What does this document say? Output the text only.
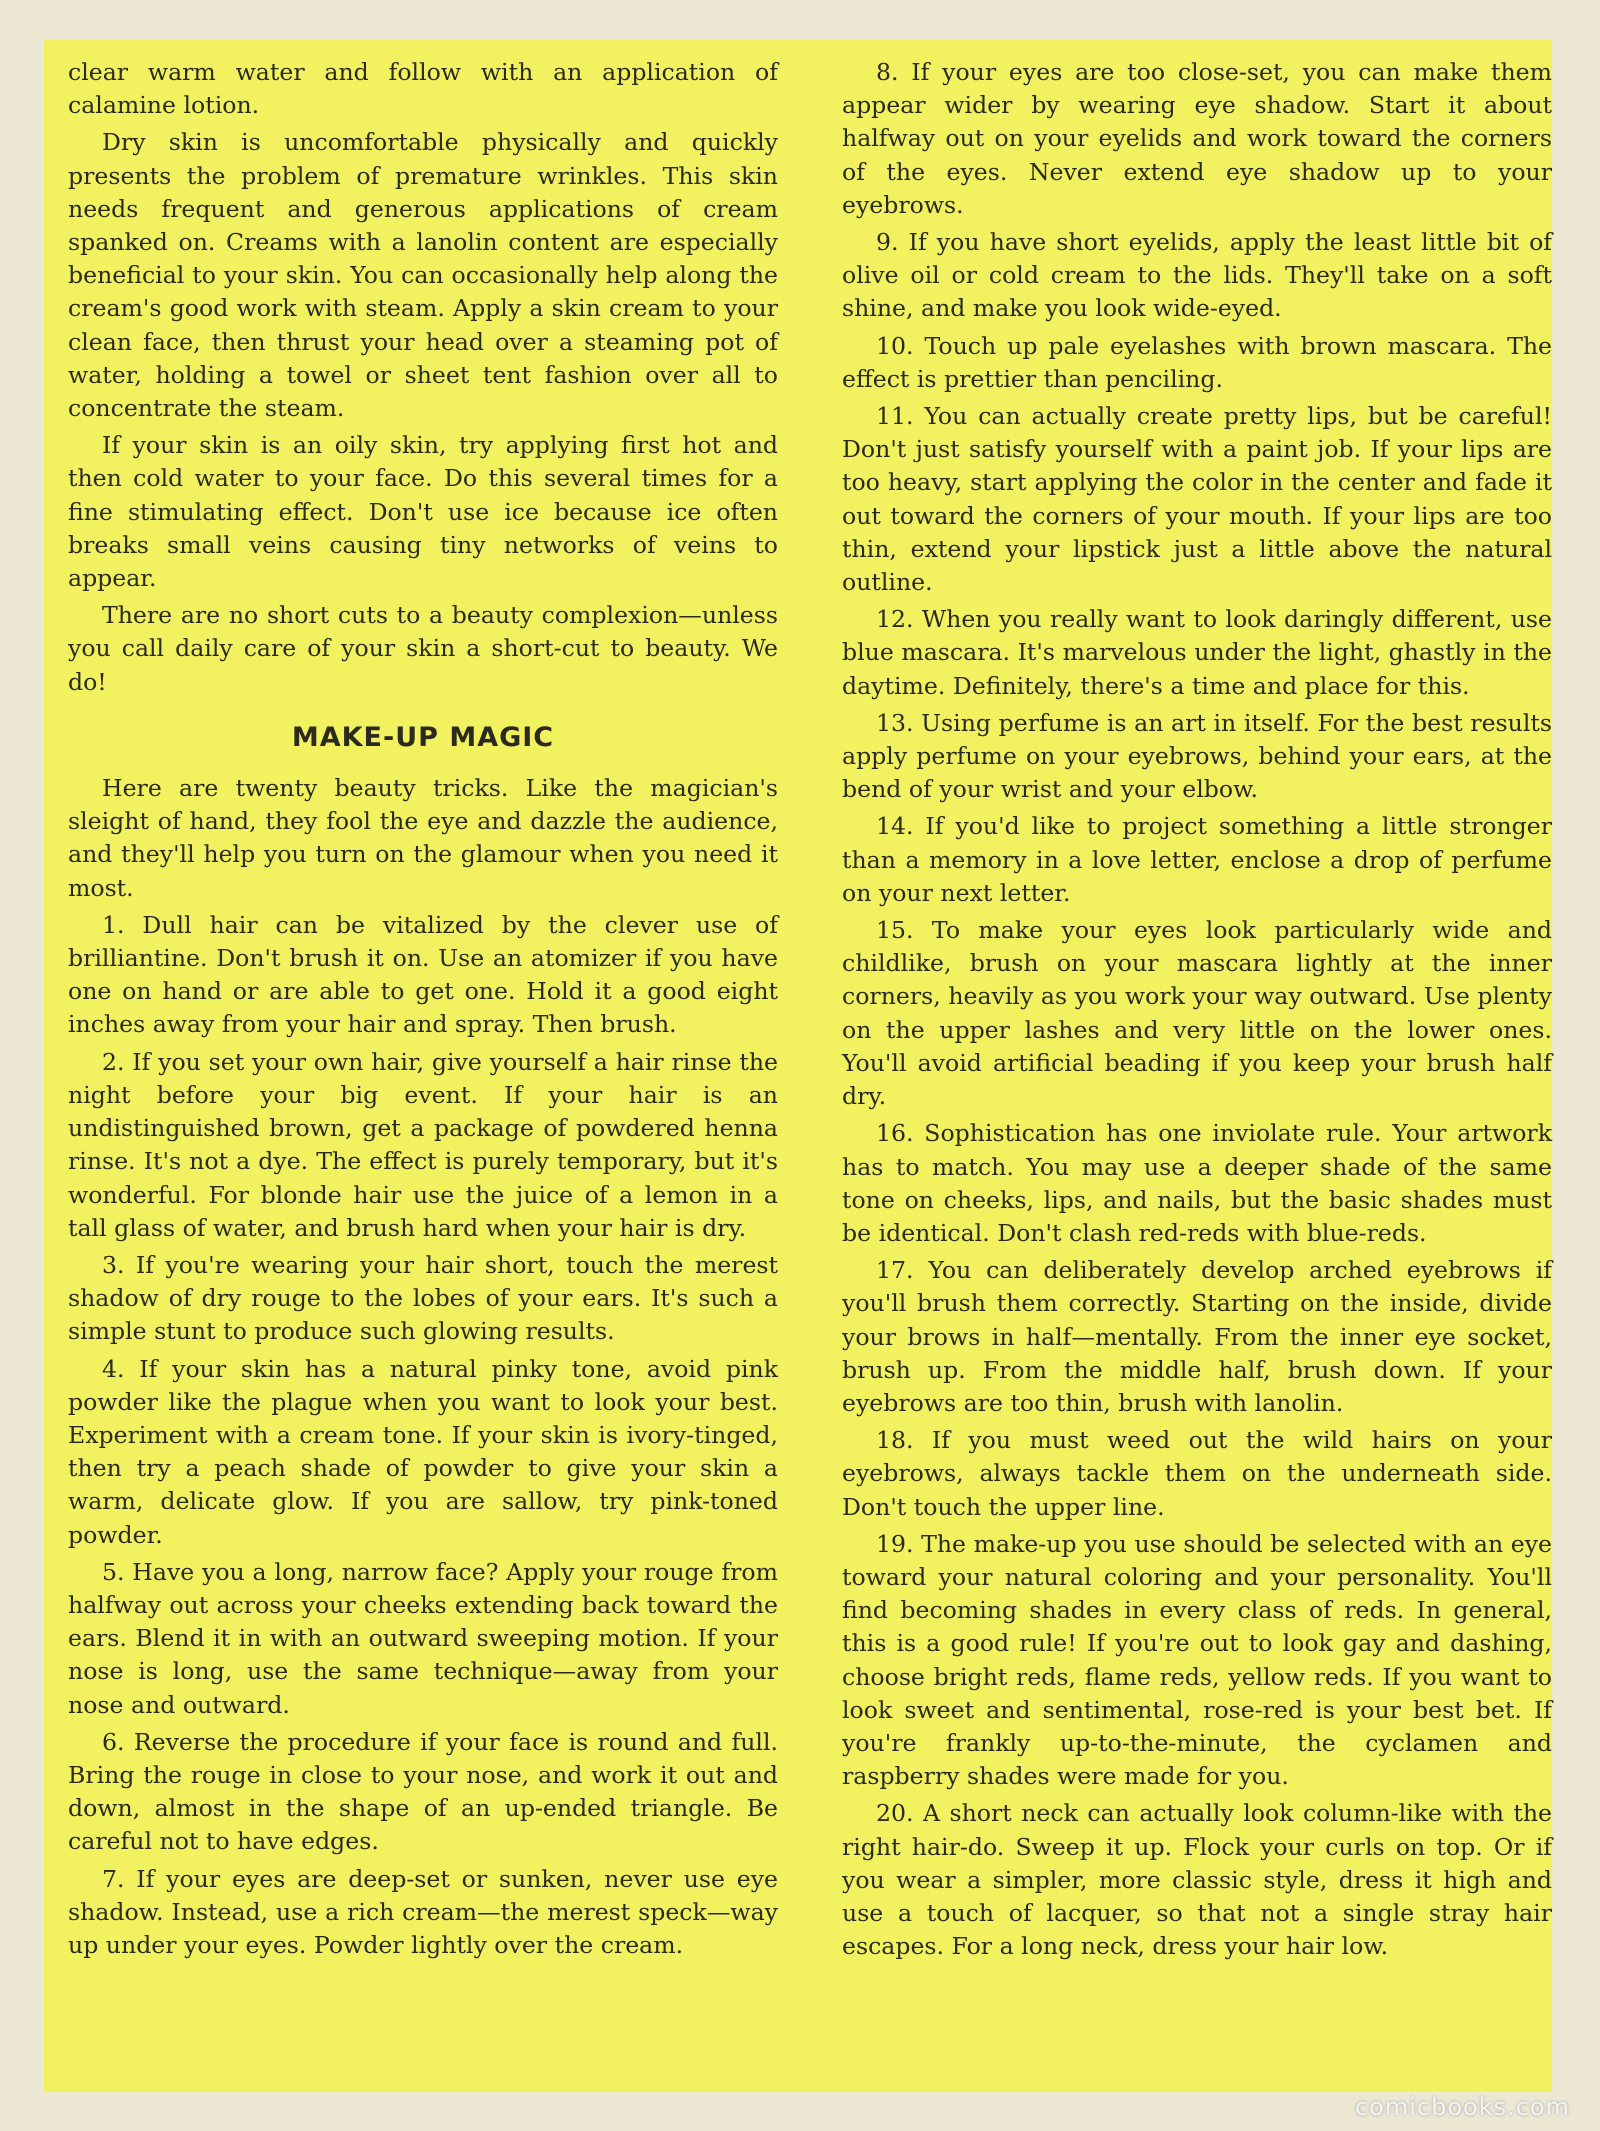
clear warm water and follow with an application of calamine lotion.

Dry skin is uncomfortable physically and quickly presents the problem of premature wrinkles. This skin needs frequent and generous applications of cream spanked on. Creams with a lanolin content are especially beneficial to your skin. You can occasionally help along the cream's good work with steam. Apply a skin cream to your clean face, then thrust your head over a steaming pot of water, holding a towel or sheet tent fashion over all to concentrate the steam.

If your skin is an oily skin, try applying first hot and then cold water to your face. Do this several times for a fine stimulating effect. Don't use ice because ice often breaks small veins causing tiny networks of veins to appear.

There are no short cuts to a beauty complexion—unless you call daily care of your skin a short-cut to beauty. We do!

MAKE-UP MAGIC

Here are twenty beauty tricks. Like the magician's sleight of hand, they fool the eye and dazzle the audience, and they'll help you turn on the glamour when you need it most.

1. Dull hair can be vitalized by the clever use of brilliantine. Don't brush it on. Use an atomizer if you have one on hand or are able to get one. Hold it a good eight inches away from your hair and spray. Then brush.

2. If you set your own hair, give yourself a hair rinse the night before your big event. If your hair is an undistinguished brown, get a package of powdered henna rinse. It's not a dye. The effect is purely temporary, but it's wonderful. For blonde hair use the juice of a lemon in a tall glass of water, and brush hard when your hair is dry.

3. If you're wearing your hair short, touch the merest shadow of dry rouge to the lobes of your ears. It's such a simple stunt to produce such glowing results.

4. If your skin has a natural pinky tone, avoid pink powder like the plague when you want to look your best. Experiment with a cream tone. If your skin is ivory-tinged, then try a peach shade of powder to give your skin a warm, delicate glow. If you are sallow, try pink-toned powder.

5. Have you a long, narrow face? Apply your rouge from halfway out across your cheeks extending back toward the ears. Blend it in with an outward sweeping motion. If your nose is long, use the same technique—away from your nose and outward.

6. Reverse the procedure if your face is round and full. Bring the rouge in close to your nose, and work it out and down, almost in the shape of an up-ended triangle. Be careful not to have edges.

7. If your eyes are deep-set or sunken, never use eye shadow. Instead, use a rich cream—the merest speck—way up under your eyes. Powder lightly over the cream.

8. If your eyes are too close-set, you can make them appear wider by wearing eye shadow. Start it about halfway out on your eyelids and work toward the corners of the eyes. Never extend eye shadow up to your eyebrows.

9. If you have short eyelids, apply the least little bit of olive oil or cold cream to the lids. They'll take on a soft shine, and make you look wide-eyed.

10. Touch up pale eyelashes with brown mascara. The effect is prettier than penciling.

11. You can actually create pretty lips, but be careful! Don't just satisfy yourself with a paint job. If your lips are too heavy, start applying the color in the center and fade it out toward the corners of your mouth. If your lips are too thin, extend your lipstick just a little above the natural outline.

12. When you really want to look daringly different, use blue mascara. It's marvelous under the light, ghastly in the daytime. Definitely, there's a time and place for this.

13. Using perfume is an art in itself. For the best results apply perfume on your eyebrows, behind your ears, at the bend of your wrist and your elbow.

14. If you'd like to project something a little stronger than a memory in a love letter, enclose a drop of perfume on your next letter.

15. To make your eyes look particularly wide and childlike, brush on your mascara lightly at the inner corners, heavily as you work your way outward. Use plenty on the upper lashes and very little on the lower ones. You'll avoid artificial beading if you keep your brush half dry.

16. Sophistication has one inviolate rule. Your artwork has to match. You may use a deeper shade of the same tone on cheeks, lips, and nails, but the basic shades must be identical. Don't clash red-reds with blue-reds.

17. You can deliberately develop arched eyebrows if you'll brush them correctly. Starting on the inside, divide your brows in half—mentally. From the inner eye socket, brush up. From the middle half, brush down. If your eyebrows are too thin, brush with lanolin.

18. If you must weed out the wild hairs on your eyebrows, always tackle them on the underneath side. Don't touch the upper line.

19. The make-up you use should be selected with an eye toward your natural coloring and your personality. You'll find becoming shades in every class of reds. In general, this is a good rule! If you're out to look gay and dashing, choose bright reds, flame reds, yellow reds. If you want to look sweet and sentimental, rose-red is your best bet. If you're frankly up-to-the-minute, the cyclamen and raspberry shades were made for you.

20. A short neck can actually look column-like with the right hair-do. Sweep it up. Flock your curls on top. Or if you wear a simpler, more classic style, dress it high and use a touch of lacquer, so that not a single stray hair escapes. For a long neck, dress your hair low.

comicbooks.com
